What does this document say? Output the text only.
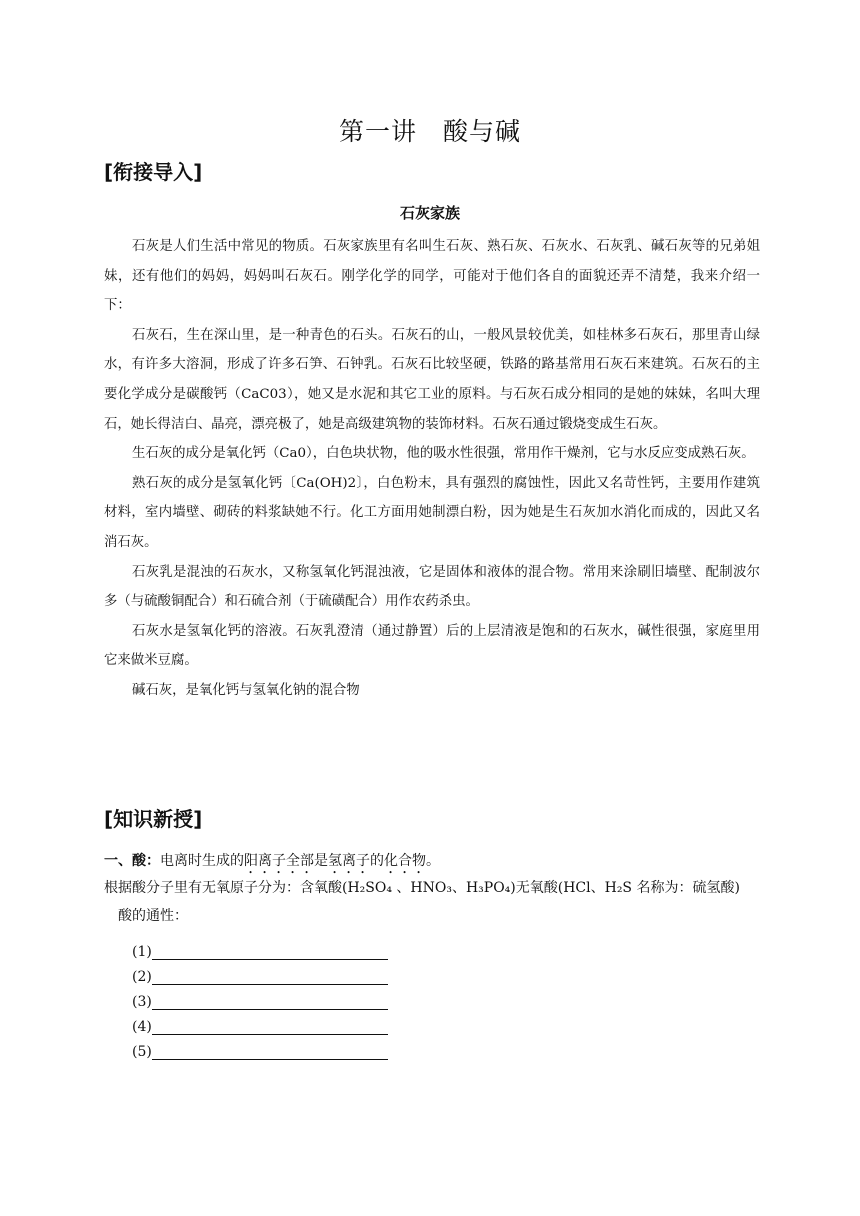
第一讲　酸与碱
[衔接导入]
石灰家族

石灰是人们生活中常见的物质。石灰家族里有名叫生石灰、熟石灰、石灰水、石灰乳、碱石灰等的兄弟姐妹，还有他们的妈妈，妈妈叫石灰石。刚学化学的同学，可能对于他们各自的面貌还弄不清楚，我来介绍一下：

石灰石，生在深山里，是一种青色的石头。石灰石的山，一般风景较优美，如桂林多石灰石，那里青山绿水，有许多大溶洞，形成了许多石笋、石钟乳。石灰石比较坚硬，铁路的路基常用石灰石来建筑。石灰石的主要化学成分是碳酸钙（CaC03），她又是水泥和其它工业的原料。与石灰石成分相同的是她的妹妹，名叫大理石，她长得洁白、晶亮，漂亮极了，她是高级建筑物的装饰材料。石灰石通过锻烧变成生石灰。

生石灰的成分是氧化钙（Ca0），白色块状物，他的吸水性很强，常用作干燥剂，它与水反应变成熟石灰。

熟石灰的成分是氢氧化钙〔Ca(OH)2〕，白色粉末，具有强烈的腐蚀性，因此又名苛性钙，主要用作建筑材料，室内墙壁、砌砖的料浆缺她不行。化工方面用她制漂白粉，因为她是生石灰加水消化而成的，因此又名消石灰。

石灰乳是混浊的石灰水，又称氢氧化钙混浊液，它是固体和液体的混合物。常用来涂刷旧墙壁、配制波尔多（与硫酸铜配合）和石硫合剂（于硫磺配合）用作农药杀虫。

石灰水是氢氧化钙的溶液。石灰乳澄清（通过静置）后的上层清液是饱和的石灰水，碱性很强，家庭里用它来做米豆腐。

碱石灰，是氧化钙与氢氧化钠的混合物

[知识新授]
一、酸：电离时生成的阳离子全部是氢离子的化合物。
根据酸分子里有无氧原子分为：含氧酸(H₂SO₄ 、HNO₃、H₃PO₄)无氧酸(HCl、H₂S 名称为：硫氢酸)
酸的通性：
(1)
(2)
(3)
(4)
(5)
